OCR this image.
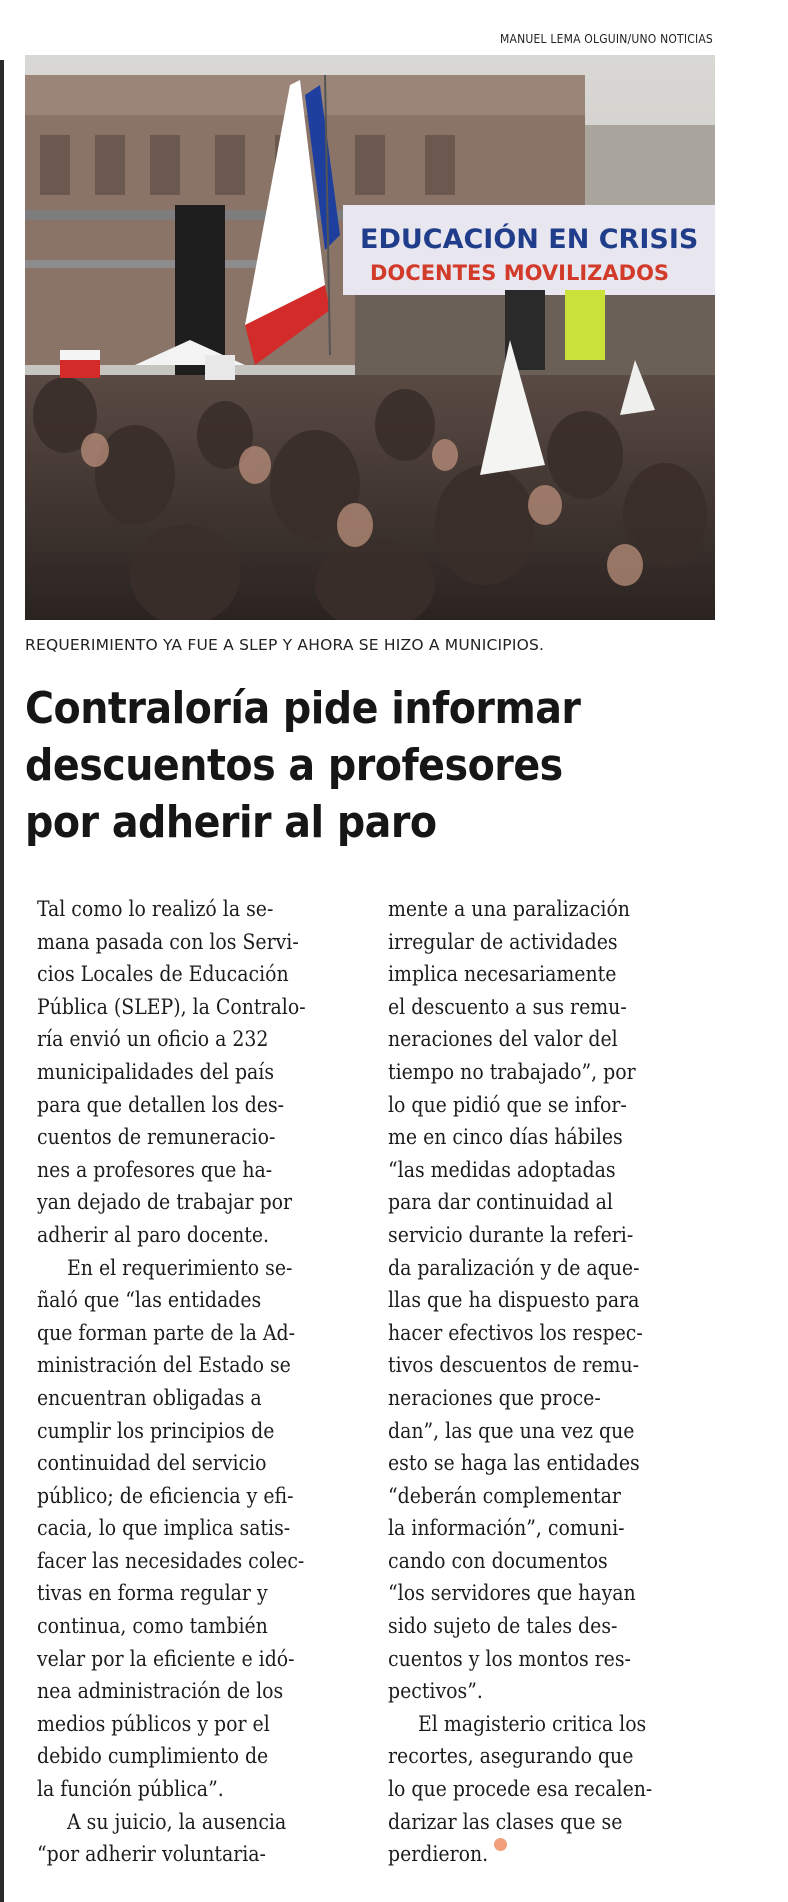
MANUEL LEMA OLGUIN/UNO NOTICIAS
EDUCACIÓN EN CRISIS
DOCENTES MOVILIZADOS
REQUERIMIENTO YA FUE A SLEP Y AHORA SE HIZO A MUNICIPIOS.
Contraloría pide informar
descuentos a profesores
por adherir al paro
Tal como lo realizó la se-
mana pasada con los Servi-
cios Locales de Educación
Pública (SLEP), la Contralo-
ría envió un oficio a 232
municipalidades del país
para que detallen los des-
cuentos de remuneracio-
nes a profesores que ha-
yan dejado de trabajar por
adherir al paro docente.
En el requerimiento se-
ñaló que “las entidades
que forman parte de la Ad-
ministración del Estado se
encuentran obligadas a
cumplir los principios de
continuidad del servicio
público; de eficiencia y efi-
cacia, lo que implica satis-
facer las necesidades colec-
tivas en forma regular y
continua, como también
velar por la eficiente e idó-
nea administración de los
medios públicos y por el
debido cumplimiento de
la función pública”.
A su juicio, la ausencia
“por adherir voluntaria-
mente a una paralización
irregular de actividades
implica necesariamente
el descuento a sus remu-
neraciones del valor del
tiempo no trabajado”, por
lo que pidió que se infor-
me en cinco días hábiles
“las medidas adoptadas
para dar continuidad al
servicio durante la referi-
da paralización y de aque-
llas que ha dispuesto para
hacer efectivos los respec-
tivos descuentos de remu-
neraciones que proce-
dan”, las que una vez que
esto se haga las entidades
“deberán complementar
la información”, comuni-
cando con documentos
“los servidores que hayan
sido sujeto de tales des-
cuentos y los montos res-
pectivos”.
El magisterio critica los
recortes, asegurando que
lo que procede esa recalen-
darizar las clases que se
perdieron.
